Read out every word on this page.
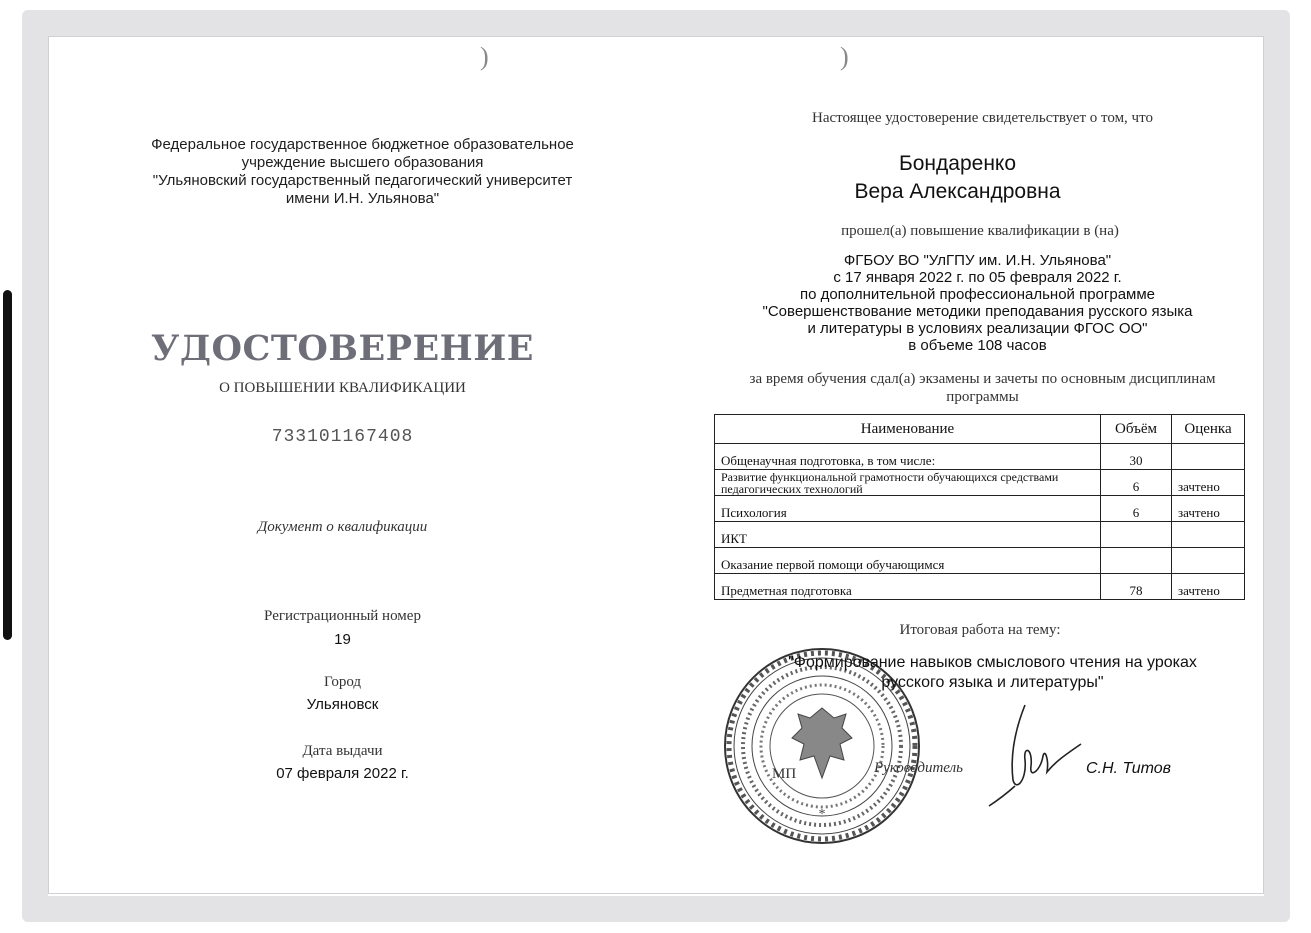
)	)
Федеральное государственное бюджетное образовательное
учреждение высшего образования
"Ульяновский государственный педагогический университет
имени И.Н. Ульянова"
УДОСТОВЕРЕНИЕ
О ПОВЫШЕНИИ КВАЛИФИКАЦИИ
733101167408
Документ о квалификации
Регистрационный номер
19
Город
Ульяновск
Дата выдачи
07 февраля 2022 г.
Настоящее удостоверение свидетельствует о том, что
Бондаренко
Вера Александровна
прошел(а) повышение квалификации в (на)
ФГБОУ ВО "УлГПУ им. И.Н. Ульянова"
с 17 января 2022 г. по 05 февраля 2022 г.
по дополнительной профессиональной программе
"Совершенствование методики преподавания русского языка
и литературы в условиях реализации ФГОС ОО"
в объеме 108 часов
за время обучения сдал(а) экзамены и зачеты по основным дисциплинам
программы
Наименование	Объём	Оценка
Общенаучная подготовка, в том числе:	30	
Развитие функциональной грамотности обучающихся средствами педагогических технологий	6	зачтено
Психология	6	зачтено
ИКТ		
Оказание первой помощи обучающимся		
Предметная подготовка	78	зачтено
Итоговая работа на тему:
*
"Формирование навыков смыслового чтения на уроках
русского языка и литературы"
МП	Руководитель	С.Н. Титов
